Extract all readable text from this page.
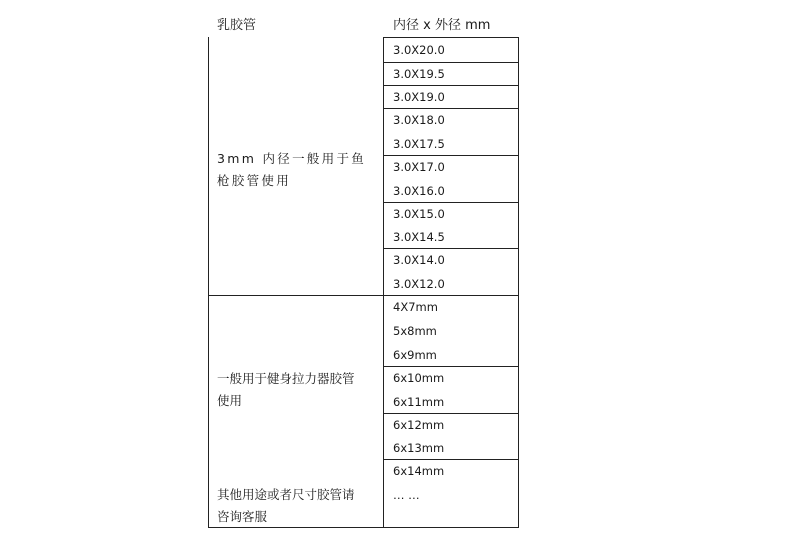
乳胶管	内径 x 外径 mm
3mm 内径一般用于鱼
枪胶管使用
3.0X20.0
3.0X19.5
3.0X19.0
3.0X18.0
3.0X17.5
3.0X17.0
3.0X16.0
3.0X15.0
3.0X14.5
3.0X14.0
3.0X12.0
一般用于健身拉力器胶管
使用
4X7mm
5x8mm
6x9mm
6x10mm
6x11mm
6x12mm
6x13mm
6x14mm
… …
其他用途或者尺寸胶管请
咨询客服
